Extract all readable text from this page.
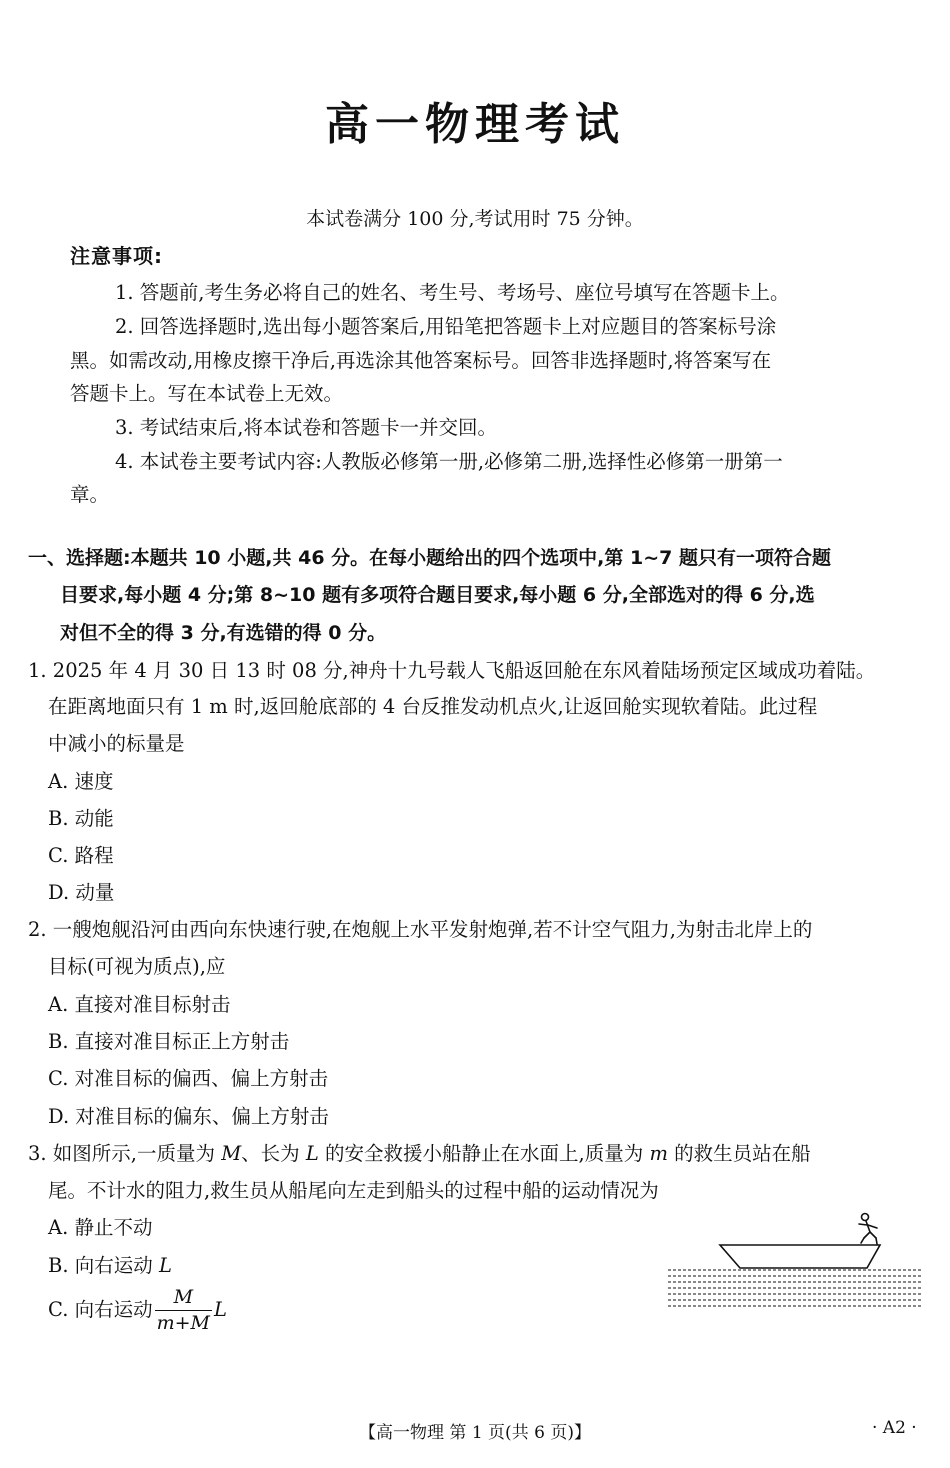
高一物理考试
本试卷满分 100 分,考试用时 75 分钟。
注意事项:
1. 答题前,考生务必将自己的姓名、考生号、考场号、座位号填写在答题卡上。
2. 回答选择题时,选出每小题答案后,用铅笔把答题卡上对应题目的答案标号涂
黑。如需改动,用橡皮擦干净后,再选涂其他答案标号。回答非选择题时,将答案写在
答题卡上。写在本试卷上无效。
3. 考试结束后,将本试卷和答题卡一并交回。
4. 本试卷主要考试内容:人教版必修第一册,必修第二册,选择性必修第一册第一
章。
一、选择题:本题共 10 小题,共 46 分。在每小题给出的四个选项中,第 1~7 题只有一项符合题
目要求,每小题 4 分;第 8~10 题有多项符合题目要求,每小题 6 分,全部选对的得 6 分,选
对但不全的得 3 分,有选错的得 0 分。
1. 2025 年 4 月 30 日 13 时 08 分,神舟十九号载人飞船返回舱在东风着陆场预定区域成功着陆。
在距离地面只有 1 m 时,返回舱底部的 4 台反推发动机点火,让返回舱实现软着陆。此过程
中减小的标量是
A. 速度
B. 动能
C. 路程
D. 动量
2. 一艘炮舰沿河由西向东快速行驶,在炮舰上水平发射炮弹,若不计空气阻力,为射击北岸上的
目标(可视为质点),应
A. 直接对准目标射击
B. 直接对准目标正上方射击
C. 对准目标的偏西、偏上方射击
D. 对准目标的偏东、偏上方射击
3. 如图所示,一质量为 M、长为 L 的安全救援小船静止在水面上,质量为 m 的救生员站在船
尾。不计水的阻力,救生员从船尾向左走到船头的过程中船的运动情况为
A. 静止不动
B. 向右运动 L
C. 向右运动 $\frac{M}{m+M}$ L
【高一物理 第 1 页(共 6 页)】	· A2 ·
